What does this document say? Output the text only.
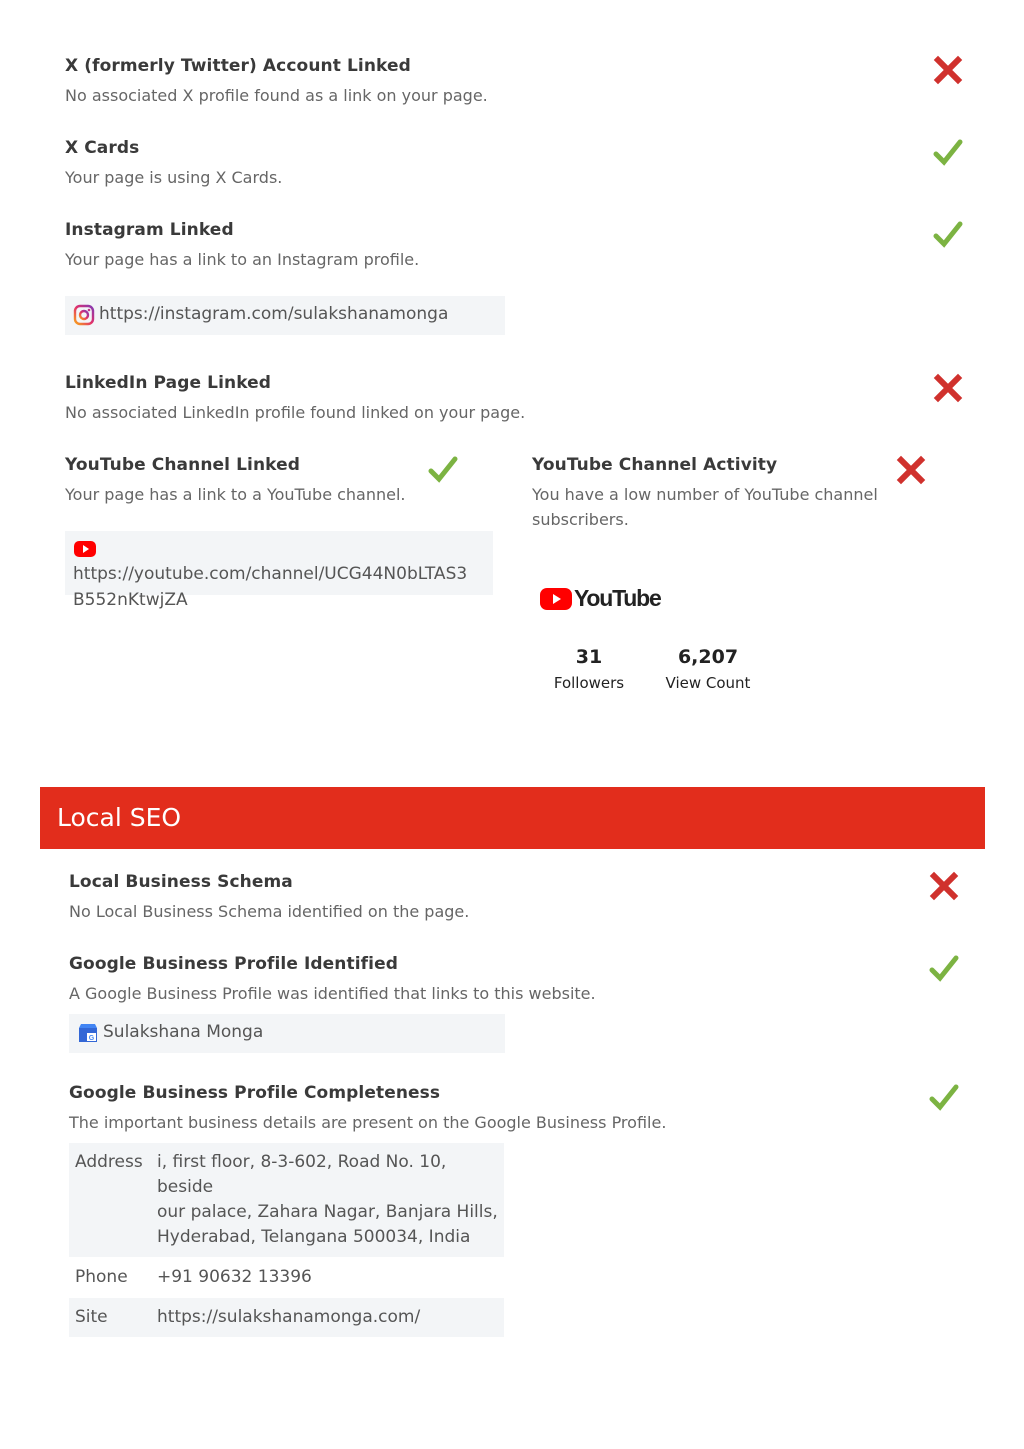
X (formerly Twitter) Account Linked
No associated X profile found as a link on your page.
X Cards
Your page is using X Cards.
Instagram Linked
Your page has a link to an Instagram profile.
https://instagram.com/sulakshanamonga
LinkedIn Page Linked
No associated LinkedIn profile found linked on your page.
YouTube Channel Linked
Your page has a link to a YouTube channel.
https://youtube.com/channel/UCG44N0bLTAS3
B552nKtwjZA
YouTube Channel Activity
You have a low number of YouTube channel
subscribers.
YouTube
31
Followers
6,207
View Count
Local SEO
Local Business Schema
No Local Business Schema identified on the page.
Google Business Profile Identified
A Google Business Profile was identified that links to this website.
G Sulakshana Monga
Google Business Profile Completeness
The important business details are present on the Google Business Profile.
Address	i, first floor, 8-3-602, Road No. 10, beside
our palace, Zahara Nagar, Banjara Hills,
Hyderabad, Telangana 500034, India
Phone	+91 90632 13396
Site	https://sulakshanamonga.com/
